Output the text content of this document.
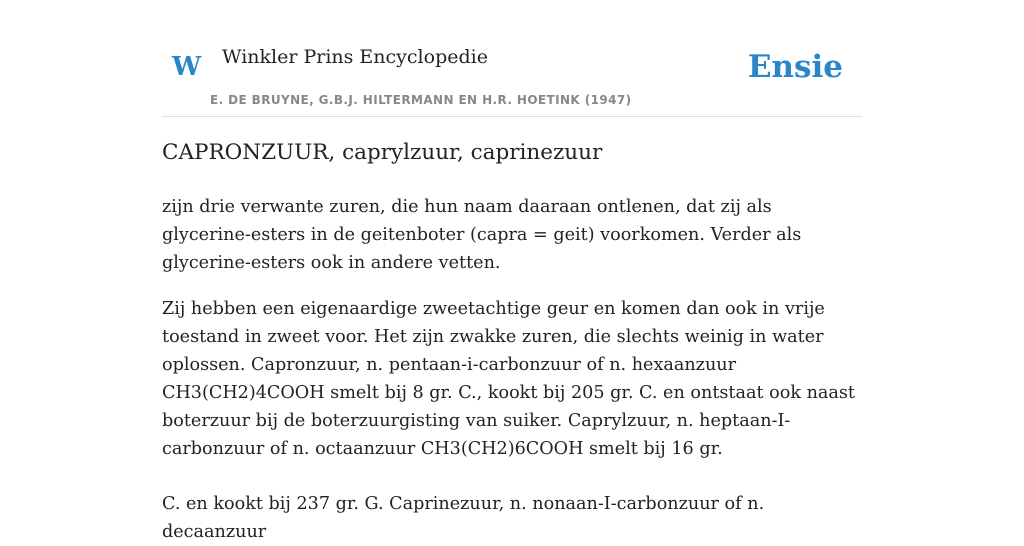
W Winkler Prins Encyclopedie
E. DE BRUYNE, G.B.J. HILTERMANN EN H.R. HOETINK (1947)
Ensie
CAPRONZUUR, caprylzuur, caprinezuur

zijn drie verwante zuren, die hun naam daaraan ontlenen, dat zij als glycerine-esters in de geitenboter (capra = geit) voorkomen. Verder als glycerine-esters ook in andere vetten.

Zij hebben een eigenaardige zweetachtige geur en komen dan ook in vrije toestand in zweet voor. Het zijn zwakke zuren, die slechts weinig in water oplossen. Capronzuur, n. pentaan-i-carbonzuur of n. hexaanzuur CH3(CH2)4COOH smelt bij 8 gr. C., kookt bij 205 gr. C. en ontstaat ook naast boterzuur bij de boterzuurgisting van suiker. Caprylzuur, n. heptaan-I-carbonzuur of n. octaanzuur CH3(CH2)6COOH smelt bij 16 gr.

C. en kookt bij 237 gr. G. Caprinezuur, n. nonaan-I-carbonzuur of n. decaanzuur
